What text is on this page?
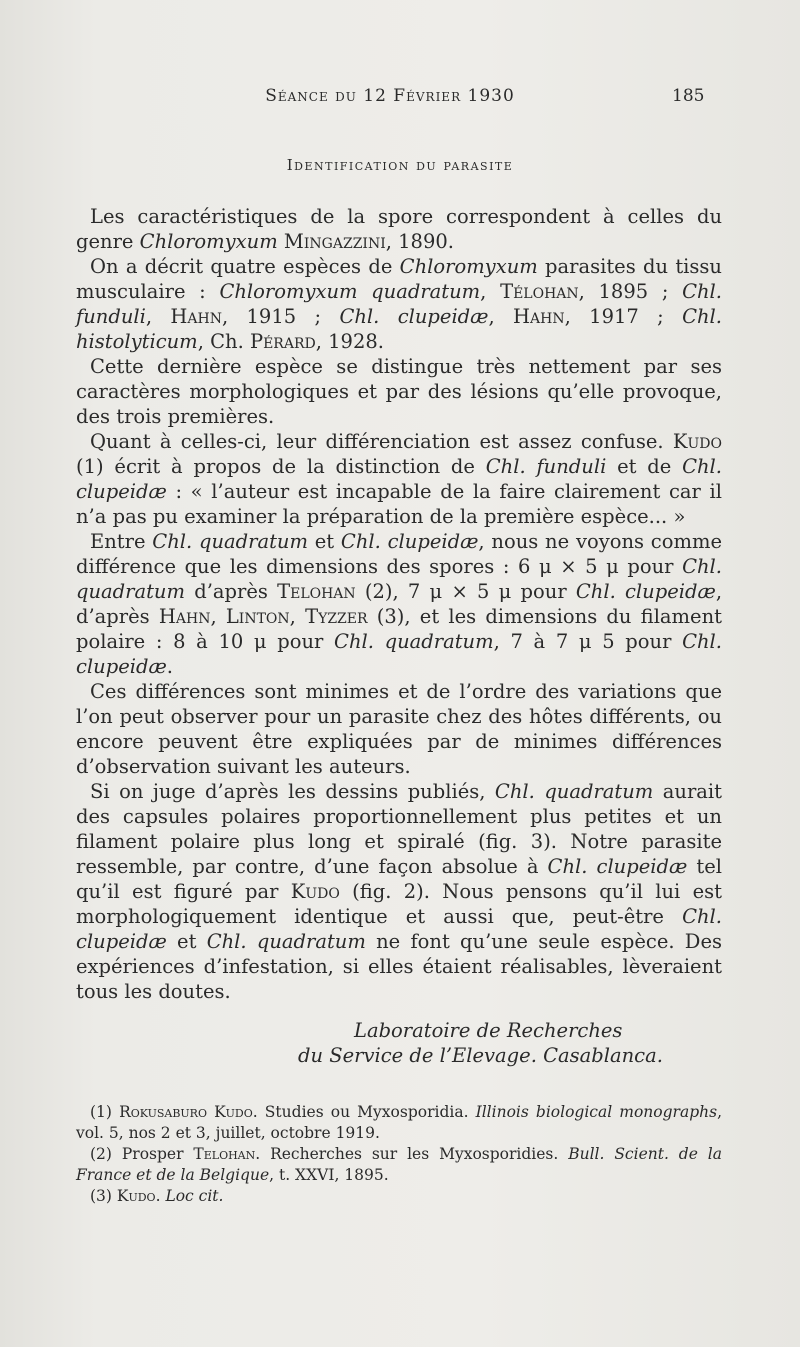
Séance du 12 Février 1930	185
Identification du parasite

Les caractéristiques de la spore correspondent à celles du genre Chloromyxum Mingazzini, 1890.

On a décrit quatre espèces de Chloromyxum parasites du tissu musculaire : Chloromyxum quadratum, Télohan, 1895 ; Chl. funduli, Hahn, 1915 ; Chl. clupeidæ, Hahn, 1917 ; Chl. histolyticum, Ch. Pérard, 1928.

Cette dernière espèce se distingue très nettement par ses caractères morphologiques et par des lésions qu’elle provoque, des trois premières.

Quant à celles-ci, leur différenciation est assez confuse. Kudo (1) écrit à propos de la distinction de Chl. funduli et de Chl. clupeidæ : « l’auteur est incapable de la faire clairement car il n’a pas pu examiner la préparation de la première espèce... »

Entre Chl. quadratum et Chl. clupeidæ, nous ne voyons comme différence que les dimensions des spores : 6 μ × 5 μ pour Chl. quadratum d’après Telohan (2), 7 μ × 5 μ pour Chl. clupeidæ, d’après Hahn, Linton, Tyzzer (3), et les dimensions du filament polaire : 8 à 10 μ pour Chl. quadratum, 7 à 7 μ 5 pour Chl. clupeidæ.

Ces différences sont minimes et de l’ordre des variations que l’on peut observer pour un parasite chez des hôtes différents, ou encore peuvent être expliquées par de minimes différences d’observation suivant les auteurs.

Si on juge d’après les dessins publiés, Chl. quadratum aurait des capsules polaires proportionnellement plus petites et un filament polaire plus long et spiralé (fig. 3). Notre parasite ressemble, par contre, d’une façon absolue à Chl. clupeidæ tel qu’il est figuré par Kudo (fig. 2). Nous pensons qu’il lui est morphologiquement identique et aussi que, peut-être Chl. clupeidæ et Chl. quadratum ne font qu’une seule espèce. Des expériences d’infestation, si elles étaient réalisables, lèveraient tous les doutes.

Laboratoire de Recherches
du Service de l’Elevage. Casablanca.

(1) Rokusaburo Kudo. Studies ou Myxosporidia. Illinois biological monographs, vol. 5, nos 2 et 3, juillet, octobre 1919.

(2) Prosper Telohan. Recherches sur les Myxosporidies. Bull. Scient. de la France et de la Belgique, t. XXVI, 1895.

(3) Kudo. Loc cit.
